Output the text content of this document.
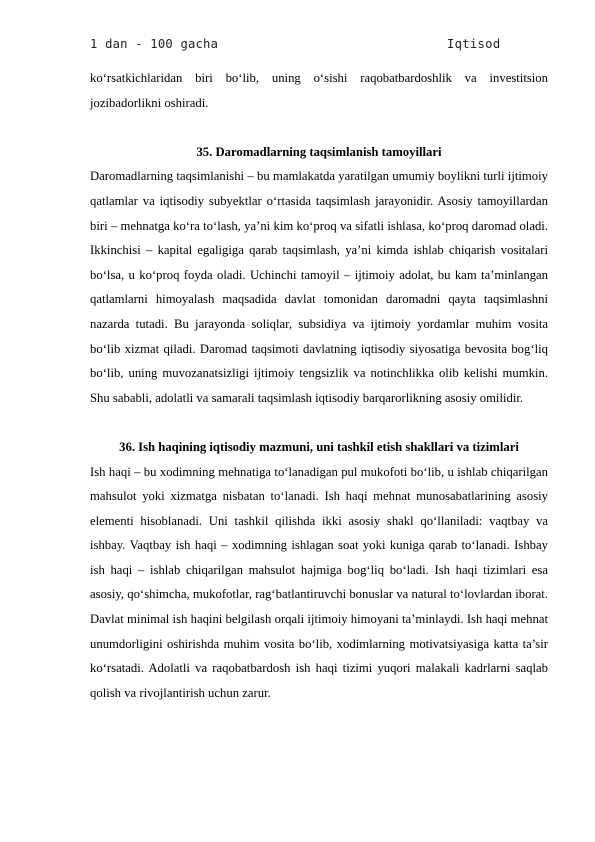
1 dan - 100 gacha	Iqtisod

ko‘rsatkichlaridan biri bo‘lib, uning o‘sishi raqobatbardoshlik va investitsion jozibadorlikni oshiradi.

35. Daromadlarning taqsimlanish tamoyillari

Daromadlarning taqsimlanishi – bu mamlakatda yaratilgan umumiy boylikni turli ijtimoiy qatlamlar va iqtisodiy subyektlar o‘rtasida taqsimlash jarayonidir. Asosiy tamoyillardan biri – mehnatga ko‘ra to‘lash, ya’ni kim ko‘proq va sifatli ishlasa, ko‘proq daromad oladi. Ikkinchisi – kapital egaligiga qarab taqsimlash, ya’ni kimda ishlab chiqarish vositalari bo‘lsa, u ko‘proq foyda oladi. Uchinchi tamoyil – ijtimoiy adolat, bu kam ta’minlangan qatlamlarni himoyalash maqsadida davlat tomonidan daromadni qayta taqsimlashni nazarda tutadi. Bu jarayonda soliqlar, subsidiya va ijtimoiy yordamlar muhim vosita bo‘lib xizmat qiladi. Daromad taqsimoti davlatning iqtisodiy siyosatiga bevosita bog‘liq bo‘lib, uning muvozanatsizligi ijtimoiy tengsizlik va notinchlikka olib kelishi mumkin. Shu sababli, adolatli va samarali taqsimlash iqtisodiy barqarorlikning asosiy omilidir.

36. Ish haqining iqtisodiy mazmuni, uni tashkil etish shakllari va tizimlari

Ish haqi – bu xodimning mehnatiga to‘lanadigan pul mukofoti bo‘lib, u ishlab chiqarilgan mahsulot yoki xizmatga nisbatan to‘lanadi. Ish haqi mehnat munosabatlarining asosiy elementi hisoblanadi. Uni tashkil qilishda ikki asosiy shakl qo‘llaniladi: vaqtbay va ishbay. Vaqtbay ish haqi – xodimning ishlagan soat yoki kuniga qarab to‘lanadi. Ishbay ish haqi – ishlab chiqarilgan mahsulot hajmiga bog‘liq bo‘ladi. Ish haqi tizimlari esa asosiy, qo‘shimcha, mukofotlar, rag‘batlantiruvchi bonuslar va natural to‘lovlardan iborat. Davlat minimal ish haqini belgilash orqali ijtimoiy himoyani ta’minlaydi. Ish haqi mehnat unumdorligini oshirishda muhim vosita bo‘lib, xodimlarning motivatsiyasiga katta ta’sir ko‘rsatadi. Adolatli va raqobatbardosh ish haqi tizimi yuqori malakali kadrlarni saqlab qolish va rivojlantirish uchun zarur.
